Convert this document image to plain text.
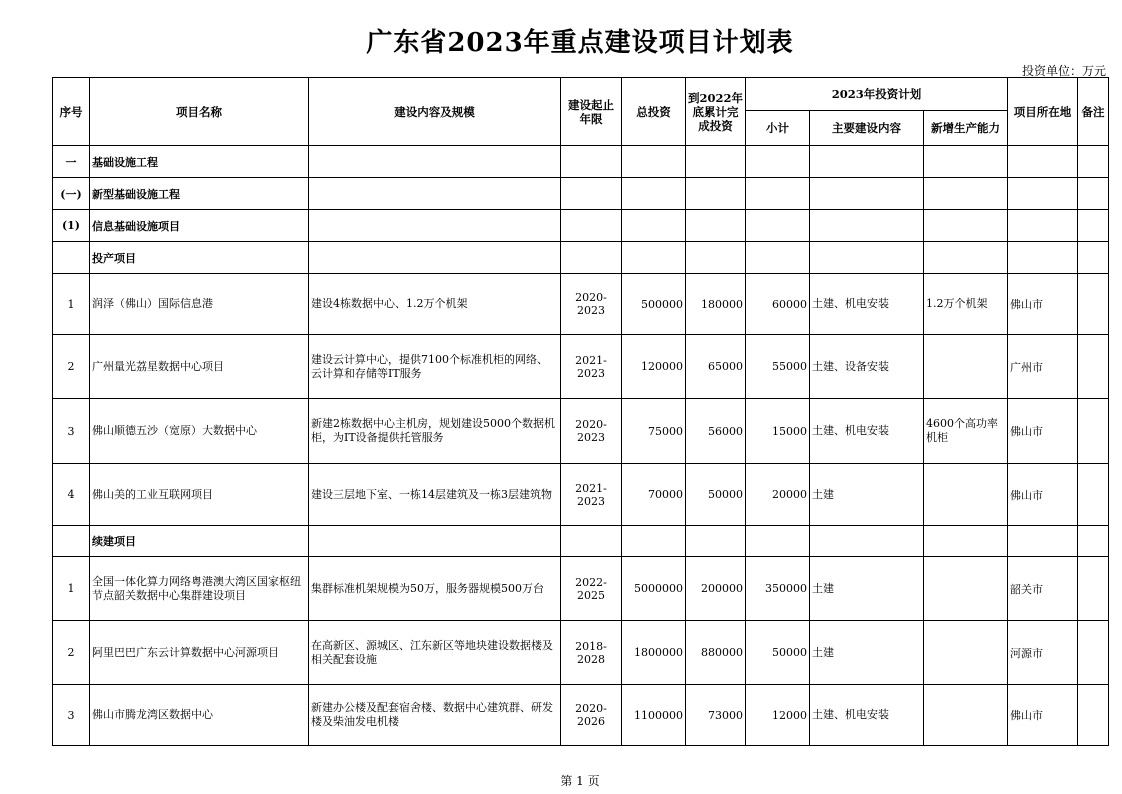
广东省2023年重点建设项目计划表
投资单位：万元
序号	项目名称	建设内容及规模	建设起止年限	总投资	到2022年底累计完成投资	2023年投资计划			项目所在地	备注
						小计	主要建设内容	新增生产能力		
一	基础设施工程									
(一)	新型基础设施工程									
(1)	信息基础设施项目									
	投产项目									
1	润泽（佛山）国际信息港	建设4栋数据中心、1.2万个机架	2020-2023	500000	180000	60000	土建、机电安装	1.2万个机架	佛山市	
2	广州量光荔星数据中心项目	建设云计算中心，提供7100个标准机柜的网络、云计算和存储等IT服务	2021-2023	120000	65000	55000	土建、设备安装		广州市	
3	佛山顺德五沙（宽原）大数据中心	新建2栋数据中心主机房，规划建设5000个数据机柜，为IT设备提供托管服务	2020-2023	75000	56000	15000	土建、机电安装	4600个高功率机柜	佛山市	
4	佛山美的工业互联网项目	建设三层地下室、一栋14层建筑及一栋3层建筑物	2021-2023	70000	50000	20000	土建		佛山市	
	续建项目									
1	全国一体化算力网络粤港澳大湾区国家枢纽节点韶关数据中心集群建设项目	集群标准机架规模为50万，服务器规模500万台	2022-2025	5000000	200000	350000	土建		韶关市	
2	阿里巴巴广东云计算数据中心河源项目	在高新区、源城区、江东新区等地块建设数据楼及相关配套设施	2018-2028	1800000	880000	50000	土建		河源市	
3	佛山市腾龙湾区数据中心	新建办公楼及配套宿舍楼、数据中心建筑群、研发楼及柴油发电机楼	2020-2026	1100000	73000	12000	土建、机电安装		佛山市	
第 1 页
